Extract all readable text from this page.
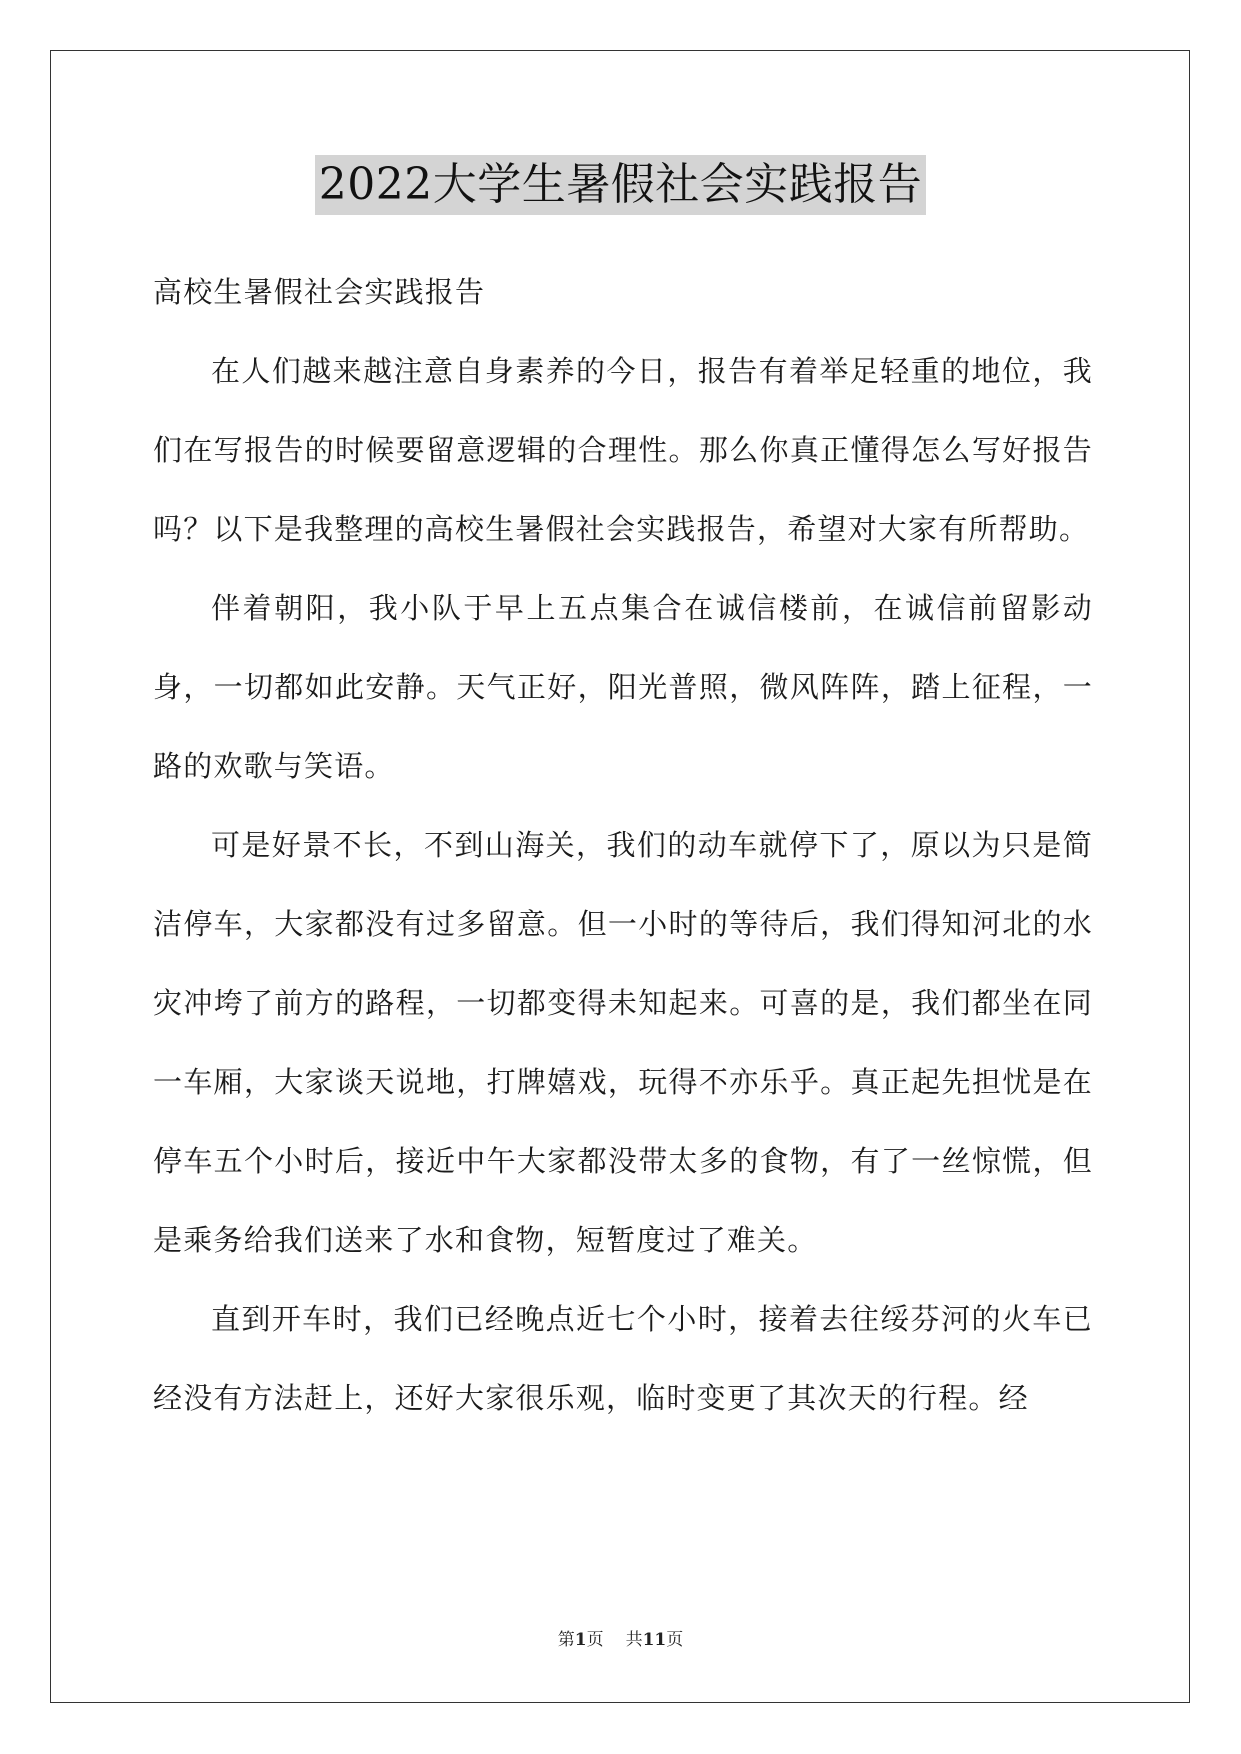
2022大学生暑假社会实践报告

高校生暑假社会实践报告

在人们越来越注意自身素养的今日，报告有着举足轻重的地位，我们在写报告的时候要留意逻辑的合理性。那么你真正懂得怎么写好报告吗？以下是我整理的高校生暑假社会实践报告，希望对大家有所帮助。

伴着朝阳，我小队于早上五点集合在诚信楼前，在诚信前留影动身，一切都如此安静。天气正好，阳光普照，微风阵阵，踏上征程，一路的欢歌与笑语。

可是好景不长，不到山海关，我们的动车就停下了，原以为只是简洁停车，大家都没有过多留意。但一小时的等待后，我们得知河北的水灾冲垮了前方的路程，一切都变得未知起来。可喜的是，我们都坐在同一车厢，大家谈天说地，打牌嬉戏，玩得不亦乐乎。真正起先担忧是在停车五个小时后，接近中午大家都没带太多的食物，有了一丝惊慌，但是乘务给我们送来了水和食物，短暂度过了难关。

直到开车时，我们已经晚点近七个小时，接着去往绥芬河的火车已经没有方法赶上，还好大家很乐观，临时变更了其次天的行程。经

第1页 共11页
